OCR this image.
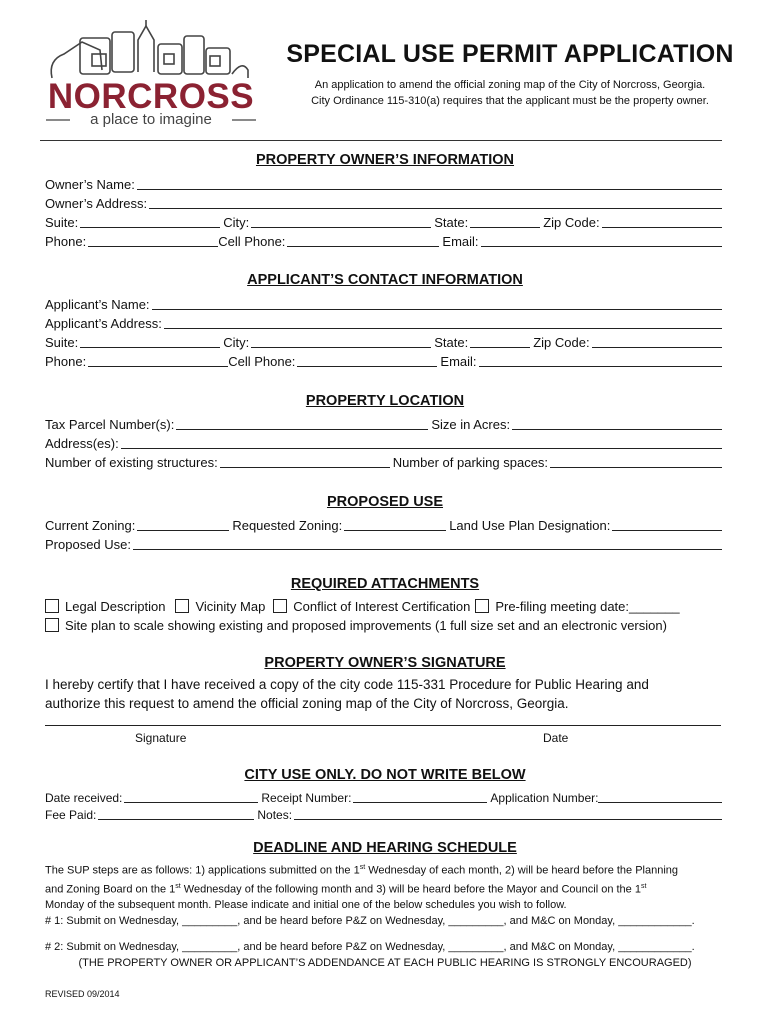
NORCROSS
a place to imagine
SPECIAL USE PERMIT APPLICATION
An application to amend the official zoning map of the City of Norcross, Georgia.
City Ordinance 115-310(a) requires that the applicant must be the property owner.
PROPERTY OWNER’S INFORMATION
Owner’s Name:
Owner’s Address:
Suite:	City:	State:	Zip Code:
Phone:	Cell Phone:	Email:
APPLICANT’S CONTACT INFORMATION
Applicant’s Name:
Applicant’s Address:
Suite:	City:	State:	Zip Code:
Phone:	Cell Phone:	Email:
PROPERTY LOCATION
Tax Parcel Number(s):	Size in Acres:
Address(es):
Number of existing structures:	Number of parking spaces:
PROPOSED USE
Current Zoning:	Requested Zoning:	Land Use Plan Designation:
Proposed Use:
REQUIRED ATTACHMENTS
Legal Description Vicinity Map Conflict of Interest Certification Pre-filing meeting date:_______
Site plan to scale showing existing and proposed improvements (1 full size set and an electronic version)
PROPERTY OWNER’S SIGNATURE
I hereby certify that I have received a copy of the city code 115-331 Procedure for Public Hearing and
authorize this request to amend the official zoning map of the City of Norcross, Georgia.
Signature	Date
CITY USE ONLY. DO NOT WRITE BELOW
Date received:	Receipt Number:	Application Number:
Fee Paid:	Notes:
DEADLINE AND HEARING SCHEDULE
The SUP steps are as follows: 1) applications submitted on the 1st Wednesday of each month, 2) will be heard before the Planning
and Zoning Board on the 1st Wednesday of the following month and 3) will be heard before the Mayor and Council on the 1st
Monday of the subsequent month. Please indicate and initial one of the below schedules you wish to follow.
# 1: Submit on Wednesday, _________, and be heard before P&Z on Wednesday, _________, and M&C on Monday, ____________.
# 2: Submit on Wednesday, _________, and be heard before P&Z on Wednesday, _________, and M&C on Monday, ____________.
(THE PROPERTY OWNER OR APPLICANT’S ADDENDANCE AT EACH PUBLIC HEARING IS STRONGLY ENCOURAGED)
REVISED 09/2014
